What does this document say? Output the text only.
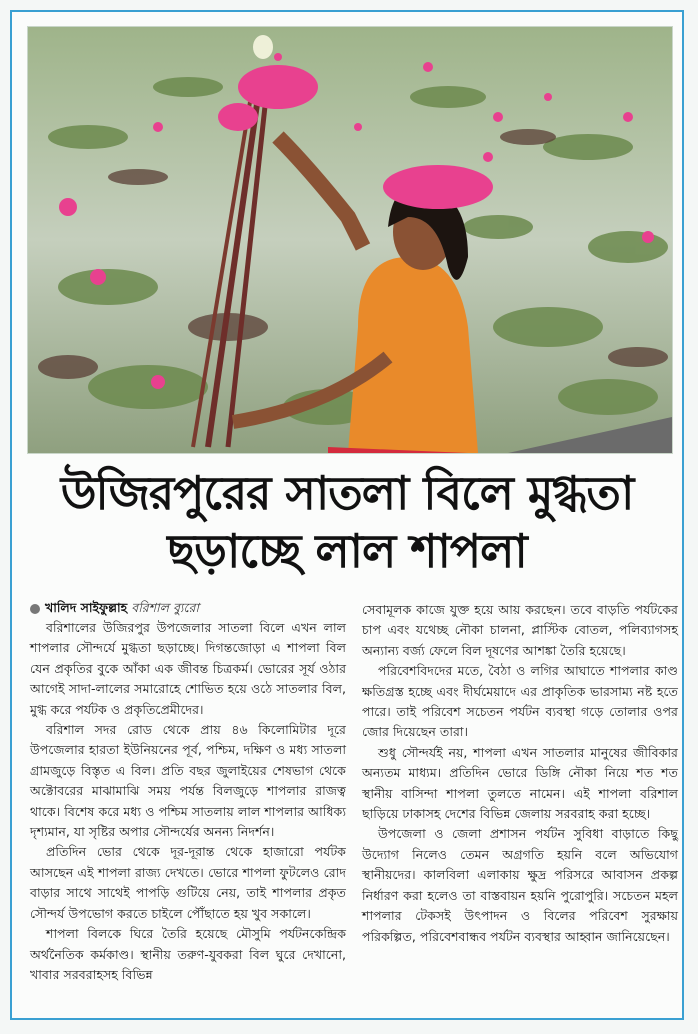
উজিরপুরের সাতলা বিলে মুগ্ধতা
ছড়াচ্ছে লাল শাপলা
খালিদ সাইফুল্লাহ বরিশাল ব্যুরো

বরিশালের উজিরপুর উপজেলার সাতলা বিলে এখন লাল শাপলার সৌন্দর্যে মুগ্ধতা ছড়াচ্ছে। দিগন্তজোড়া এ শাপলা বিল যেন প্রকৃতির বুকে আঁকা এক জীবন্ত চিত্রকর্ম। ভোরের সূর্য ওঠার আগেই সাদা-লালের সমারোহে শোভিত হয়ে ওঠে সাতলার বিল, মুগ্ধ করে পর্যটক ও প্রকৃতিপ্রেমীদের।

বরিশাল সদর রোড থেকে প্রায় ৪৬ কিলোমিটার দূরে উপজেলার হারতা ইউনিয়নের পূর্ব, পশ্চিম, দক্ষিণ ও মধ্য সাতলা গ্রামজুড়ে বিস্তৃত এ বিল। প্রতি বছর জুলাইয়ের শেষভাগ থেকে অক্টোবরের মাঝামাঝি সময় পর্যন্ত বিলজুড়ে শাপলার রাজত্ব থাকে। বিশেষ করে মধ্য ও পশ্চিম সাতলায় লাল শাপলার আধিক্য দৃশ্যমান, যা সৃষ্টির অপার সৌন্দর্যের অনন্য নিদর্শন।

প্রতিদিন ভোর থেকে দূর-দূরান্ত থেকে হাজারো পর্যটক আসছেন এই শাপলা রাজ্য দেখতে। ভোরে শাপলা ফুটলেও রোদ বাড়ার সাথে সাথেই পাপড়ি গুটিয়ে নেয়, তাই শাপলার প্রকৃত সৌন্দর্য উপভোগ করতে চাইলে পৌঁছাতে হয় খুব সকালে।

শাপলা বিলকে ঘিরে তৈরি হয়েছে মৌসুমি পর্যটনকেন্দ্রিক অর্থনৈতিক কর্মকাণ্ড। স্থানীয় তরুণ-যুবকরা বিল ঘুরে দেখানো, খাবার সরবরাহসহ বিভিন্ন

সেবামূলক কাজে যুক্ত হয়ে আয় করছেন। তবে বাড়তি পর্যটকের চাপ এবং যথেচ্ছ নৌকা চালনা, প্লাস্টিক বোতল, পলিব্যাগসহ অন্যান্য বর্জ্য ফেলে বিল দূষণের আশঙ্কা তৈরি হয়েছে।

পরিবেশবিদদের মতে, বৈঠা ও লগির আঘাতে শাপলার কাণ্ড ক্ষতিগ্রস্ত হচ্ছে এবং দীর্ঘমেয়াদে এর প্রাকৃতিক ভারসাম্য নষ্ট হতে পারে। তাই পরিবেশ সচেতন পর্যটন ব্যবস্থা গড়ে তোলার ওপর জোর দিয়েছেন তারা।

শুধু সৌন্দর্যই নয়, শাপলা এখন সাতলার মানুষের জীবিকার অন্যতম মাধ্যম। প্রতিদিন ভোরে ডিঙ্গি নৌকা নিয়ে শত শত স্থানীয় বাসিন্দা শাপলা তুলতে নামেন। এই শাপলা বরিশাল ছাড়িয়ে ঢাকাসহ দেশের বিভিন্ন জেলায় সরবরাহ করা হচ্ছে।

উপজেলা ও জেলা প্রশাসন পর্যটন সুবিধা বাড়াতে কিছু উদ্যোগ নিলেও তেমন অগ্রগতি হয়নি বলে অভিযোগ স্থানীয়দের। কালবিলা এলাকায় ক্ষুদ্র পরিসরে আবাসন প্রকল্প নির্ধারণ করা হলেও তা বাস্তবায়ন হয়নি পুরোপুরি। সচেতন মহল শাপলার টেকসই উৎপাদন ও বিলের পরিবেশ সুরক্ষায় পরিকল্পিত, পরিবেশবান্ধব পর্যটন ব্যবস্থার আহ্বান জানিয়েছেন।
